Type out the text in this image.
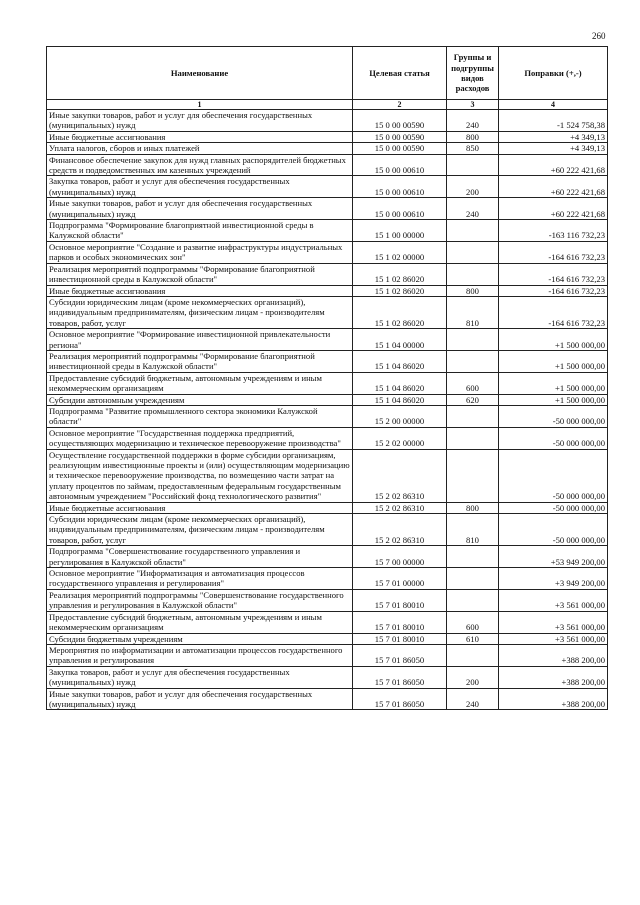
260
Наименование	Целевая статья	Группы и подгруппы видов расходов	Поправки (+,-)
1	2	3	4
Иные закупки товаров, работ и услуг для обеспечения государственных (муниципальных) нужд	15 0 00 00590	240	-1 524 758,38
Иные бюджетные ассигнования	15 0 00 00590	800	+4 349,13
Уплата налогов, сборов и иных платежей	15 0 00 00590	850	+4 349,13
Финансовое обеспечение закупок для нужд главных распорядителей бюджетных средств и подведомственных им казенных учреждений	15 0 00 00610		+60 222 421,68
Закупка товаров, работ и услуг для обеспечения государственных (муниципальных) нужд	15 0 00 00610	200	+60 222 421,68
Иные закупки товаров, работ и услуг для обеспечения государственных (муниципальных) нужд	15 0 00 00610	240	+60 222 421,68
Подпрограмма "Формирование благоприятной инвестиционной среды в Калужской области"	15 1 00 00000		-163 116 732,23
Основное мероприятие "Создание и развитие инфраструктуры индустриальных парков и особых экономических зон"	15 1 02 00000		-164 616 732,23
Реализация мероприятий подпрограммы "Формирование благоприятной инвестиционной среды в Калужской области"	15 1 02 86020		-164 616 732,23
Иные бюджетные ассигнования	15 1 02 86020	800	-164 616 732,23
Субсидии юридическим лицам (кроме некоммерческих организаций), индивидуальным предпринимателям, физическим лицам - производителям товаров, работ, услуг	15 1 02 86020	810	-164 616 732,23
Основное мероприятие "Формирование инвестиционной привлекательности региона"	15 1 04 00000		+1 500 000,00
Реализация мероприятий подпрограммы "Формирование благоприятной инвестиционной среды в Калужской области"	15 1 04 86020		+1 500 000,00
Предоставление субсидий бюджетным, автономным учреждениям и иным некоммерческим организациям	15 1 04 86020	600	+1 500 000,00
Субсидии автономным учреждениям	15 1 04 86020	620	+1 500 000,00
Подпрограмма "Развитие промышленного сектора экономики Калужской области"	15 2 00 00000		-50 000 000,00
Основное мероприятие "Государственная поддержка предприятий, осуществляющих модернизацию и техническое перевооружение производства"	15 2 02 00000		-50 000 000,00
Осуществление государственной поддержки в форме субсидии организациям, реализующим инвестиционные проекты и (или) осуществляющим модернизацию и техническое перевооружение производства, по возмещению части затрат на уплату процентов по займам, предоставленным федеральным государственным автономным учреждением "Российский фонд технологического развития"	15 2 02 86310		-50 000 000,00
Иные бюджетные ассигнования	15 2 02 86310	800	-50 000 000,00
Субсидии юридическим лицам (кроме некоммерческих организаций), индивидуальным предпринимателям, физическим лицам - производителям товаров, работ, услуг	15 2 02 86310	810	-50 000 000,00
Подпрограмма "Совершенствование государственного управления и регулирования в Калужской области"	15 7 00 00000		+53 949 200,00
Основное мероприятие "Информатизация и автоматизация процессов государственного управления и регулирования"	15 7 01 00000		+3 949 200,00
Реализация мероприятий подпрограммы "Совершенствование государственного управления и регулирования в Калужской области"	15 7 01 80010		+3 561 000,00
Предоставление субсидий бюджетным, автономным учреждениям и иным некоммерческим организациям	15 7 01 80010	600	+3 561 000,00
Субсидии бюджетным учреждениям	15 7 01 80010	610	+3 561 000,00
Мероприятия по информатизации и автоматизации процессов государственного управления и регулирования	15 7 01 86050		+388 200,00
Закупка товаров, работ и услуг для обеспечения государственных (муниципальных) нужд	15 7 01 86050	200	+388 200,00
Иные закупки товаров, работ и услуг для обеспечения государственных (муниципальных) нужд	15 7 01 86050	240	+388 200,00
